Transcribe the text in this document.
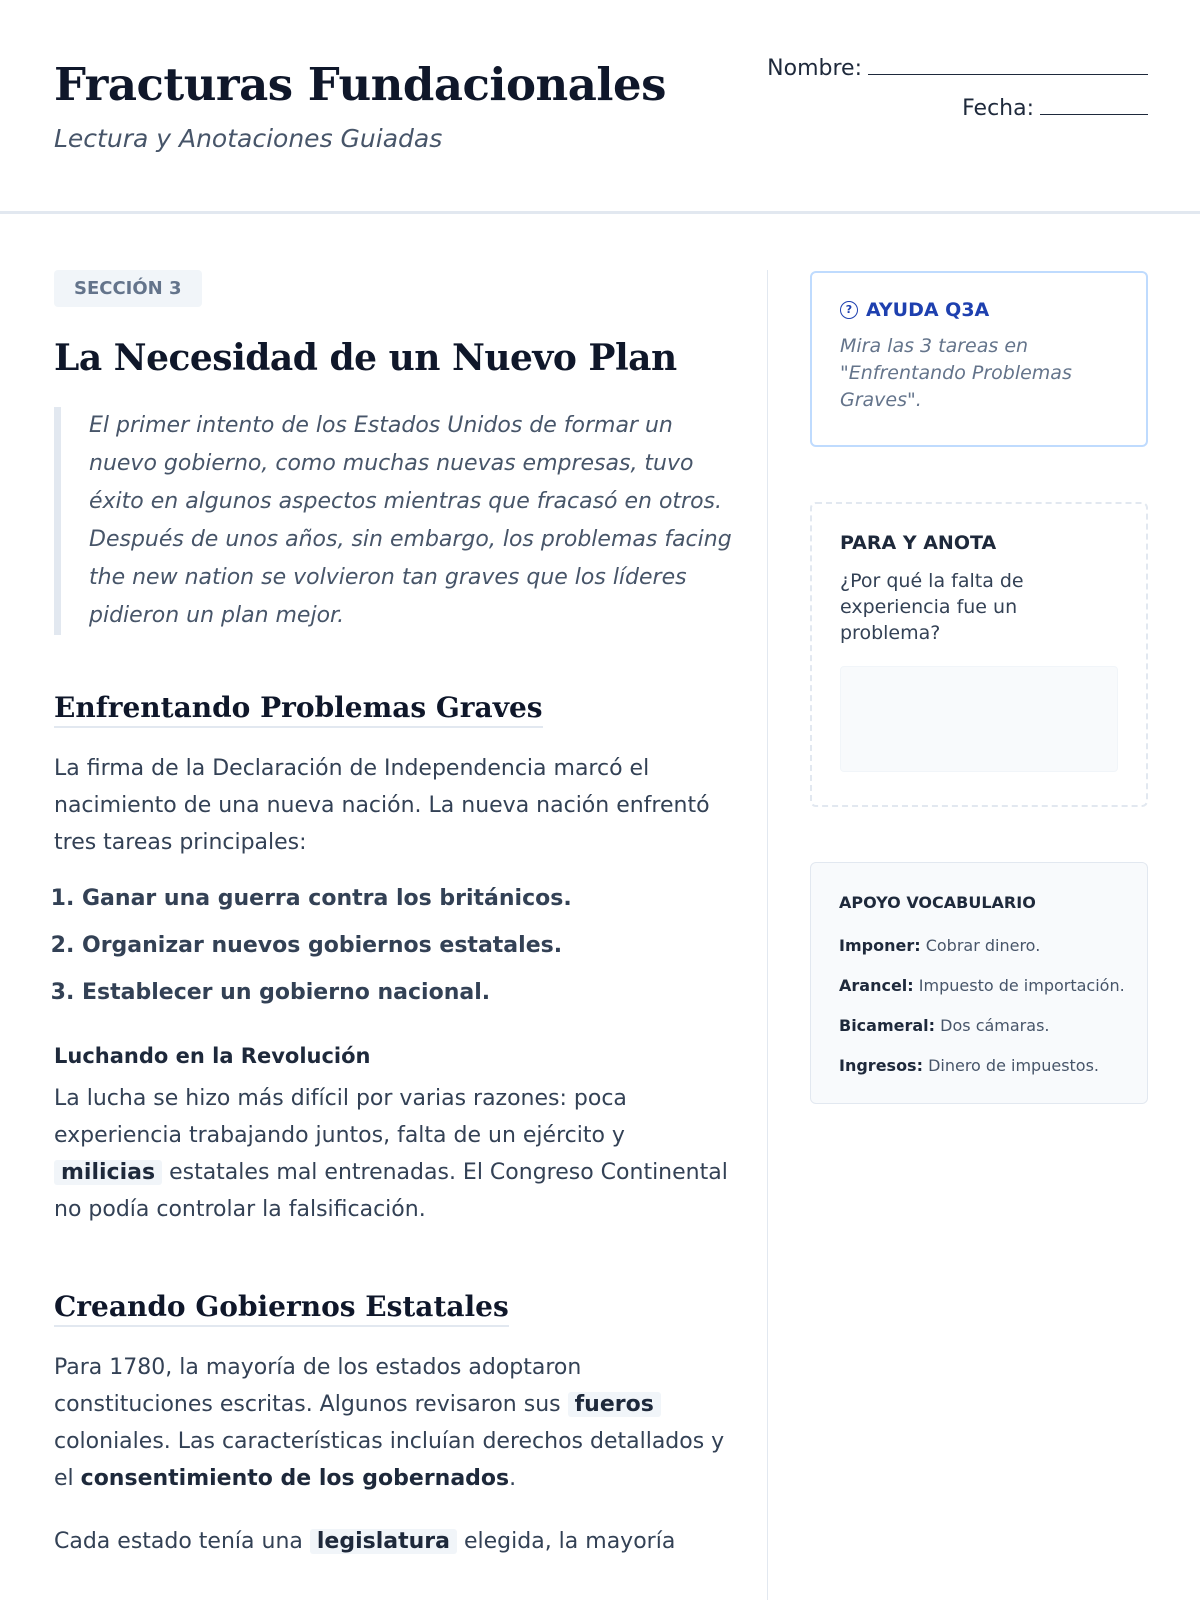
Fracturas Fundacionales
Lectura y Anotaciones Guiadas
Nombre:
Fecha:
SECCIÓN 3
La Necesidad de un Nuevo Plan
El primer intento de los Estados Unidos de formar un nuevo gobierno, como muchas nuevas empresas, tuvo éxito en algunos aspectos mientras que fracasó en otros. Después de unos años, sin embargo, los problemas facing the new nation se volvieron tan graves que los líderes pidieron un plan mejor.
Enfrentando Problemas Graves

La firma de la Declaración de Independencia marcó el nacimiento de una nueva nación. La nueva nación enfrentó tres tareas principales:

1. Ganar una guerra contra los británicos.
2. Organizar nuevos gobiernos estatales.
3. Establecer un gobierno nacional.
Luchando en la Revolución

La lucha se hizo más difícil por varias razones: poca experiencia trabajando juntos, falta de un ejército y milicias estatales mal entrenadas. El Congreso Continental no podía controlar la falsificación.

Creando Gobiernos Estatales

Para 1780, la mayoría de los estados adoptaron constituciones escritas. Algunos revisaron sus fueros coloniales. Las características incluían derechos detallados y el consentimiento de los gobernados.

Cada estado tenía una legislatura elegida, la mayoría

? AYUDA Q3A
Mira las 3 tareas en "Enfrentando Problemas Graves".
PARA Y ANOTA
¿Por qué la falta de experiencia fue un problema?
APOYO VOCABULARIO
Imponer: Cobrar dinero.
Arancel: Impuesto de importación.
Bicameral: Dos cámaras.
Ingresos: Dinero de impuestos.
